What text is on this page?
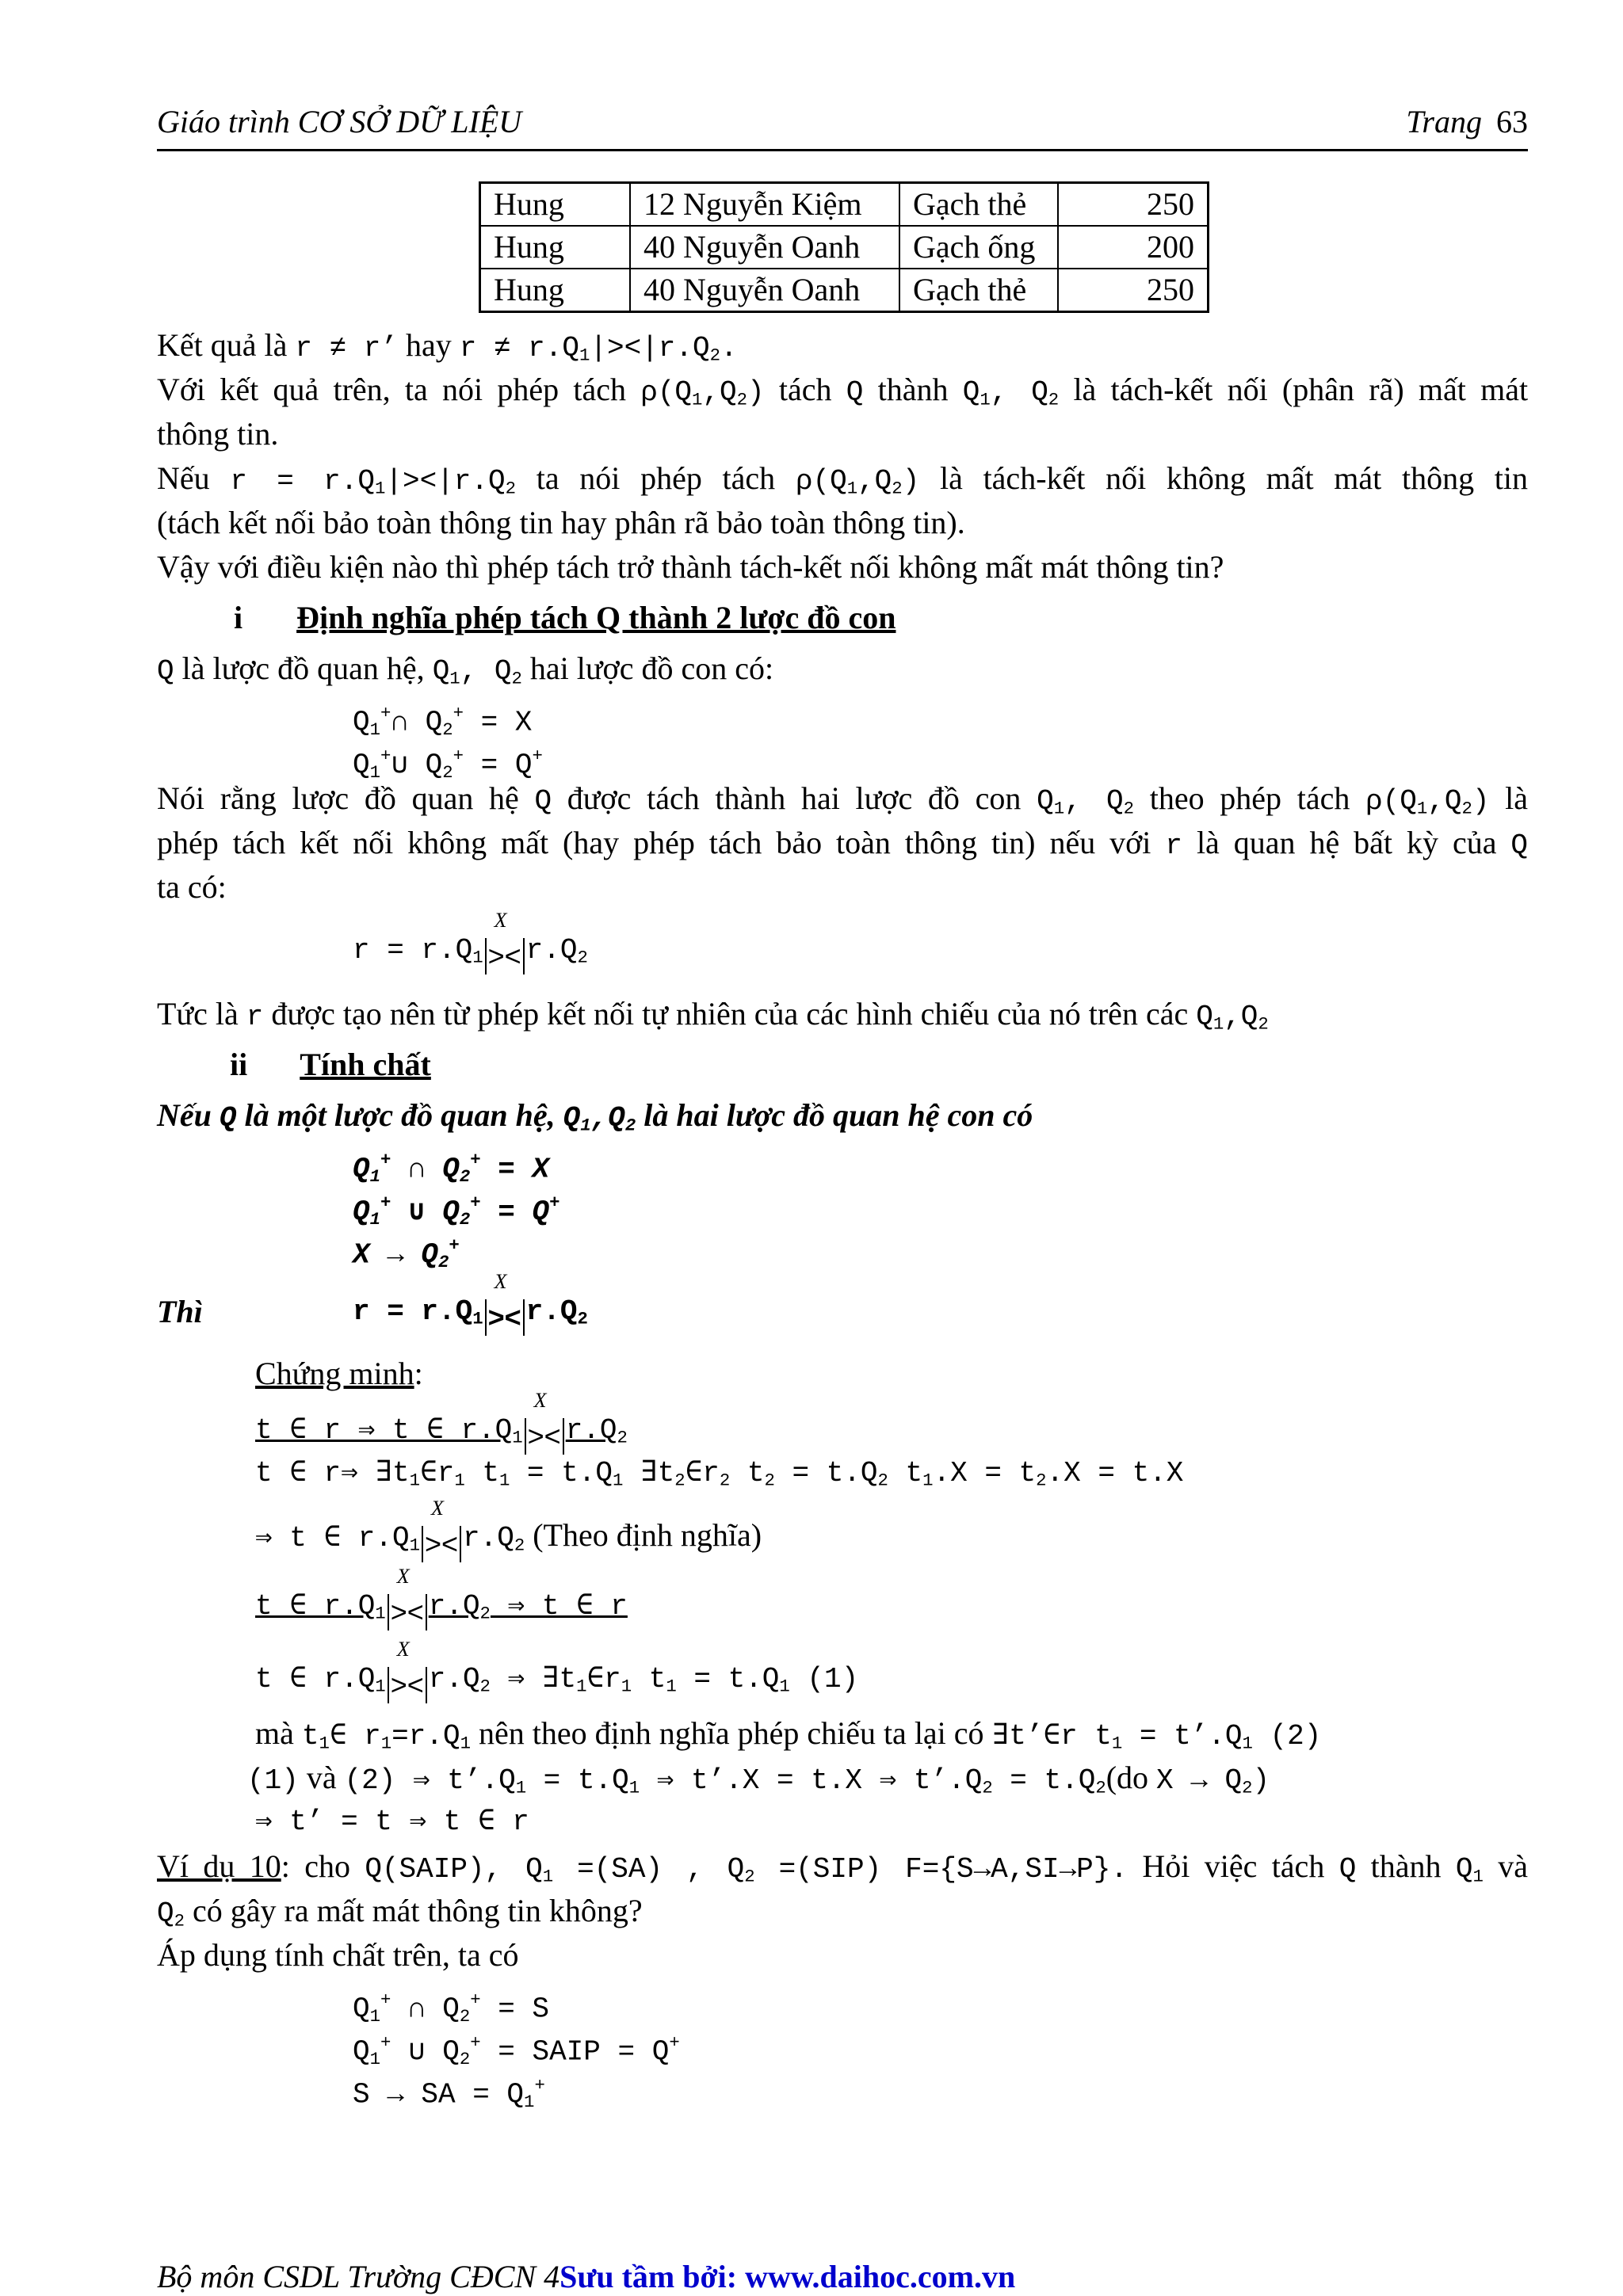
Giáo trình CƠ SỞ DỮ LIỆU	Trang 63
Hung	12 Nguyễn Kiệm	Gạch thẻ	250
Hung	40 Nguyễn Oanh	Gạch ống	200
Hung	40 Nguyễn Oanh	Gạch thẻ	250
Kết quả là r ≠ r’ hay $r \ne r.Q_1|><|r.Q_2$.
Với kết quả trên, ta nói phép tách $\rho(Q_1,Q_2)$ tách Q thành $Q_1$, $Q_2$ là tách-kết nối (phân rã) mất mát
thông tin.
Nếu $r = r.Q_1|><|r.Q_2$ ta nói phép tách $\rho(Q_1,Q_2)$ là tách-kết nối không mất mát thông tin
(tách kết nối bảo toàn thông tin hay phân rã bảo toàn thông tin).
Vậy với điều kiện nào thì phép tách trở thành tách-kết nối không mất mát thông tin?
i Định nghĩa phép tách Q thành 2 lược đồ con
Q là lược đồ quan hệ, $Q_1$, $Q_2$ hai lược đồ con có:
$Q_1^+\cap$ $Q_2^+ = X$
$Q_1^+\cup$ $Q_2^+ = Q^+$
Nói rằng lược đồ quan hệ Q được tách thành hai lược đồ con $Q_1$, $Q_2$ theo phép tách $\rho(Q_1,Q_2)$ là
phép tách kết nối không mất (hay phép tách bảo toàn thông tin) nếu với r là quan hệ bất kỳ của Q
ta có:
$r = r.Q_1$
X
>< $r.Q_2$
Tức là r được tạo nên từ phép kết nối tự nhiên của các hình chiếu của nó trên các $Q_1,Q_2$
ii Tính chất
Nếu Q là một lược đồ quan hệ, $Q_1,Q_2$ là hai lược đồ quan hệ con có
$Q_1^+$ ∩ $Q_2^+ = X$
$Q_1^+$ ∪ $Q_2^+ = Q^+$
$X \to Q_2^+$
Thì	$r = r.Q_1$
X
>< $r.Q_2$
Chứng minh:
t ∈ r ⇒ t ∈ $r.Q_1$
X
>< $r.Q_2$
t ∈ r⇒ $\exists t_1\in r_1$ $t_1 = t.Q_1$ $\exists t_2\in r_2$ $t_2 = t.Q_2$ $t_1.X = t_2.X = t.X$
⇒ t ∈ $r.Q_1$
X
>< $r.Q_2$ (Theo định nghĩa)
t ∈ $r.Q_1$
X
>< $r.Q_2$ ⇒ t ∈ r
t ∈ $r.Q_1$
X
>< $r.Q_2$ ⇒ $\exists t_1\in r_1$ $t_1 = t.Q_1$ (1)
mà $t_1\in$ $r_1=r.Q_1$ nên theo định nghĩa phép chiếu ta lại có ∃t’∈r $t_1$ = $t’.Q_1$ (2)
(1) và (2) ⇒ $t’.Q_1 = t.Q_1$ ⇒ t’.X = t.X ⇒ $t’.Q_2 = t.Q_2(do$ $X \to Q_2$)
⇒ t’ = t ⇒ t ∈ r
Ví dụ 10: cho Q(SAIP), $Q_1 =(SA)$ , $Q_2 =(SIP)$ F={S→A,SI→P}. Hỏi việc tách Q thành $Q_1$ và
$Q_2$ có gây ra mất mát thông tin không?
Áp dụng tính chất trên, ta có
$Q_1^+$ ∩ $Q_2^+ = S$
$Q_1^+$ ∪ $Q_2^+$ = SAIP = Q+
S → SA = $Q_1^+$
Bộ môn CSDL Trường CĐCN 4Sưu tầm bởi: www.daihoc.com.vn
